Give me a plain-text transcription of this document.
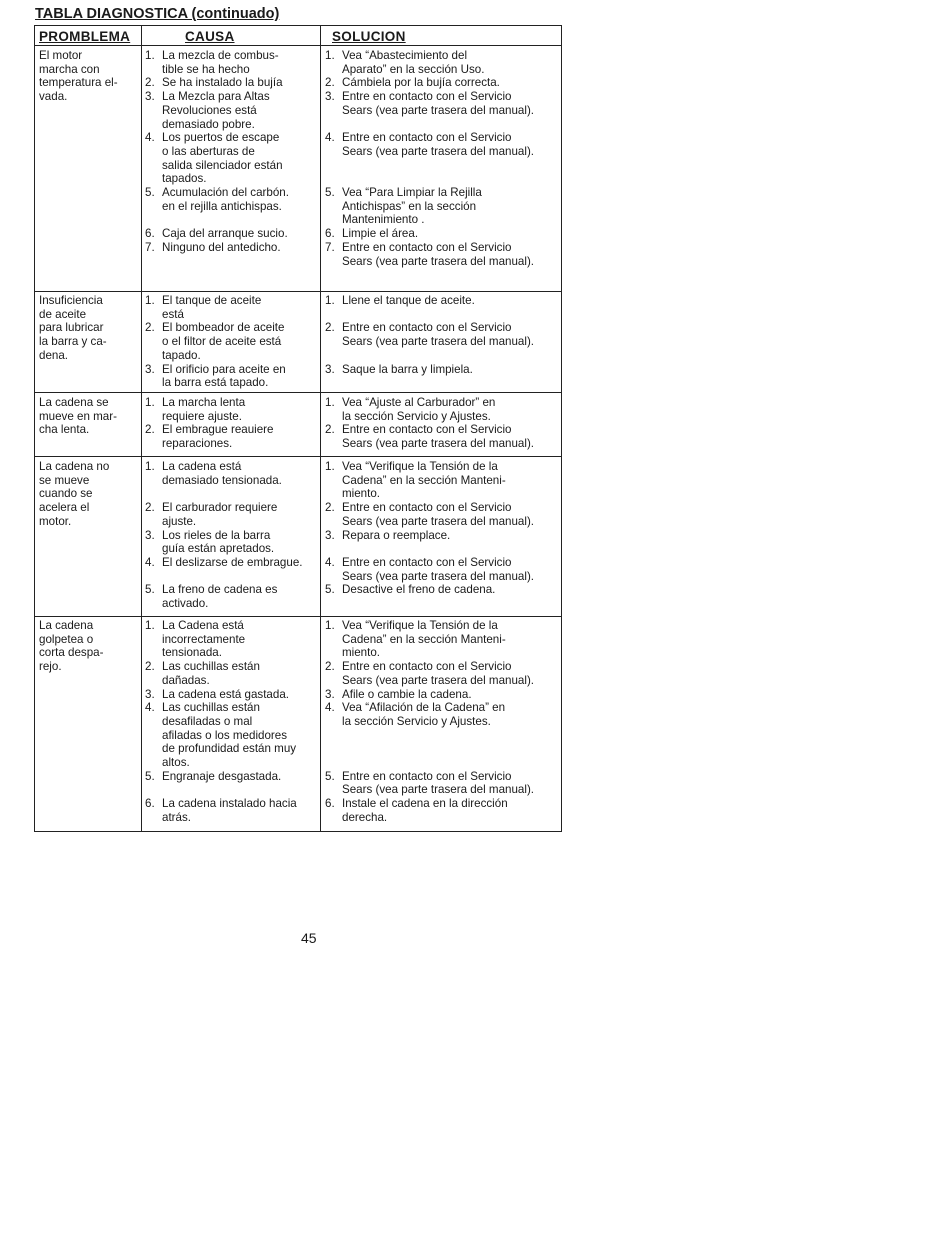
TABLA DIAGNOSTICA (continuado)
PROMBLEMA	CAUSA	SOLUCION
El motor
marcha con
temperatura el-
vada.
1. La mezcla de combus-
tible se ha hecho
2. Se ha instalado la bujía
3. La Mezcla para Altas
Revoluciones está
demasiado pobre.
4. Los puertos de escape
o las aberturas de
salida silenciador están
tapados.
5. Acumulación del carbón.
en el rejilla antichispas.
6. Caja del arranque sucio.
7. Ninguno del antedicho.
1. Vea “Abastecimiento del
Aparato” en la sección Uso.
2. Cámbiela por la bujía correcta.
3. Entre en contacto con el Servicio
Sears (vea parte trasera del manual).
4. Entre en contacto con el Servicio
Sears (vea parte trasera del manual).
5. Vea “Para Limpiar la Rejilla
Antichispas” en la sección
Mantenimiento .
6. Limpie el área.
7. Entre en contacto con el Servicio
Sears (vea parte trasera del manual).
Insuficiencia
de aceite
para lubricar
la barra y ca-
dena.
1. El tanque de aceite
está
2. El bombeador de aceite
o el filtor de aceite está
tapado.
3. El orificio para aceite en
la barra está tapado.
1. Llene el tanque de aceite.
2. Entre en contacto con el Servicio
Sears (vea parte trasera del manual).
3. Saque la barra y limpiela.
La cadena se
mueve en mar-
cha lenta.
1. La marcha lenta
requiere ajuste.
2. El embrague reauiere
reparaciones.
1. Vea “Ajuste al Carburador” en
la sección Servicio y Ajustes.
2. Entre en contacto con el Servicio
Sears (vea parte trasera del manual).
La cadena no
se mueve
cuando se
acelera el
motor.
1. La cadena está
demasiado tensionada.
2. El carburador requiere
ajuste.
3. Los rieles de la barra
guía están apretados.
4. El deslizarse de embrague.
5. La freno de cadena es
activado.
1. Vea “Verifique la Tensión de la
Cadena” en la sección Manteni-
miento.
2. Entre en contacto con el Servicio
Sears (vea parte trasera del manual).
3. Repara o reemplace.
4. Entre en contacto con el Servicio
Sears (vea parte trasera del manual).
5. Desactive el freno de cadena.
La cadena
golpetea o
corta despa-
rejo.
1. La Cadena está
incorrectamente
tensionada.
2. Las cuchillas están
dañadas.
3. La cadena está gastada.
4. Las cuchillas están
desafiladas o mal
afiladas o los medidores
de profundidad están muy
altos.
5. Engranaje desgastada.
6. La cadena instalado hacia
atrás.
1. Vea “Verifique la Tensión de la
Cadena” en la sección Manteni-
miento.
2. Entre en contacto con el Servicio
Sears (vea parte trasera del manual).
3. Afile o cambie la cadena.
4. Vea “Afilación de la Cadena” en
la sección Servicio y Ajustes.
5. Entre en contacto con el Servicio
Sears (vea parte trasera del manual).
6. Instale el cadena en la dirección
derecha.
45
